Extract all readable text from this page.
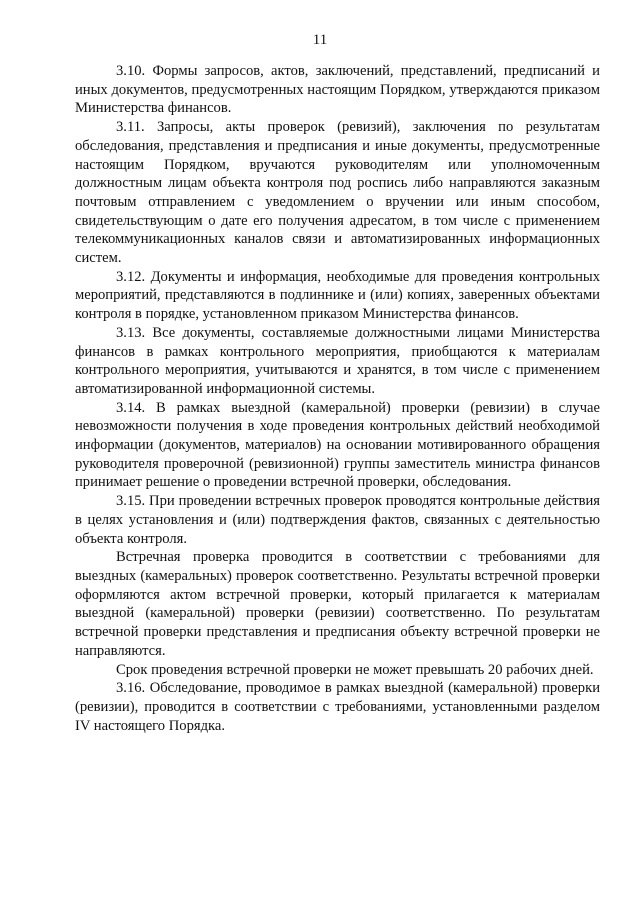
11

3.10. Формы запросов, актов, заключений, представлений, предписаний и иных документов, предусмотренных настоящим Порядком, утверждаются приказом Министерства финансов.

3.11. Запросы, акты проверок (ревизий), заключения по результатам обследования, представления и предписания и иные документы, предусмотренные настоящим Порядком, вручаются руководителям или уполномоченным должностным лицам объекта контроля под роспись либо направляются заказным почтовым отправлением с уведомлением о вручении или иным способом, свидетельствующим о дате его получения адресатом, в том числе с применением телекоммуникационных каналов связи и автоматизированных информационных систем.

3.12. Документы и информация, необходимые для проведения контрольных мероприятий, представляются в подлиннике и (или) копиях, заверенных объектами контроля в порядке, установленном приказом Министерства финансов.

3.13. Все документы, составляемые должностными лицами Министерства финансов в рамках контрольного мероприятия, приобщаются к материалам контрольного мероприятия, учитываются и хранятся, в том числе с применением автоматизированной информационной системы.

3.14. В рамках выездной (камеральной) проверки (ревизии) в случае невозможности получения в ходе проведения контрольных действий необходимой информации (документов, материалов) на основании мотивированного обращения руководителя проверочной (ревизионной) группы заместитель министра финансов принимает решение о проведении встречной проверки, обследования.

3.15. При проведении встречных проверок проводятся контрольные действия в целях установления и (или) подтверждения фактов, связанных с деятельностью объекта контроля.

Встречная проверка проводится в соответствии с требованиями для выездных (камеральных) проверок соответственно. Результаты встречной проверки оформляются актом встречной проверки, который прилагается к материалам выездной (камеральной) проверки (ревизии) соответственно. По результатам встречной проверки представления и предписания объекту встречной проверки не направляются.

Срок проведения встречной проверки не может превышать 20 рабочих дней.

3.16. Обследование, проводимое в рамках выездной (камеральной) проверки (ревизии), проводится в соответствии с требованиями, установленными разделом IV настоящего Порядка.
